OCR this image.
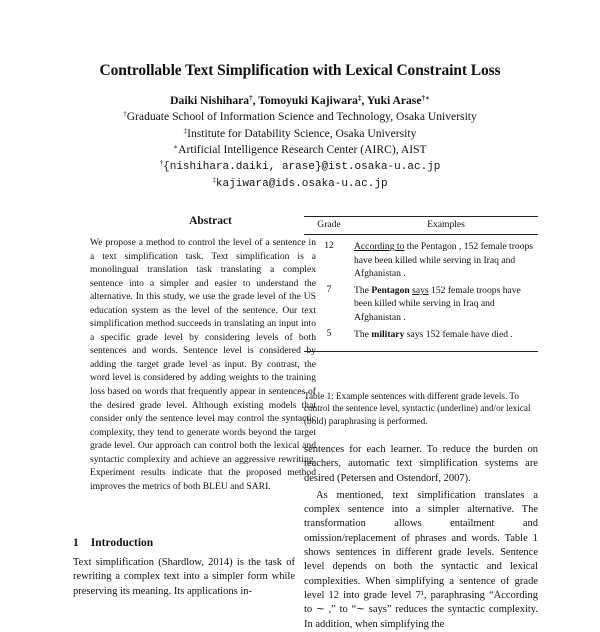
Controllable Text Simplification with Lexical Constraint Loss
Daiki Nishihara†, Tomoyuki Kajiwara‡, Yuki Arase†∗
†Graduate School of Information Science and Technology, Osaka University
‡Institute for Datability Science, Osaka University
∗Artificial Intelligence Research Center (AIRC), AIST
†{nishihara.daiki, arase}@ist.osaka-u.ac.jp
‡kajiwara@ids.osaka-u.ac.jp
Abstract

We propose a method to control the level of a sentence in a text simplification task. Text simplification is a monolingual translation task translating a complex sentence into a simpler and easier to understand the alternative. In this study, we use the grade level of the US education system as the level of the sentence. Our text simplification method succeeds in translating an input into a specific grade level by considering levels of both sentences and words. Sentence level is considered by adding the target grade level as input. By contrast, the word level is considered by adding weights to the training loss based on words that frequently appear in sentences of the desired grade level. Although existing models that consider only the sentence level may control the syntactic complexity, they tend to generate words beyond the target grade level. Our approach can control both the lexical and syntactic complexity and achieve an aggressive rewriting. Experiment results indicate that the proposed method improves the metrics of both BLEU and SARI.

1 Introduction

Text simplification (Shardlow, 2014) is the task of rewriting a complex text into a simpler form while preserving its meaning. Its applications in-

Grade	Examples
12	According to the Pentagon , 152 female troops have been killed while serving in Iraq and Afghanistan .
7	The Pentagon says 152 female troops have been killed while serving in Iraq and Afghanistan .
5	The military says 152 female have died .
Table 1: Example sentences with different grade levels. To control the sentence level, syntactic (underline) and/or lexical (bold) paraphrasing is performed.

sentences for each learner. To reduce the burden on teachers, automatic text simplification systems are desired (Petersen and Ostendorf, 2007).

As mentioned, text simplification translates a complex sentence into a simpler alternative. The transformation allows entailment and omission/replacement of phrases and words. Table 1 shows sentences in different grade levels. Sentence level depends on both the syntactic and lexical complexities. When simplifying a sentence of grade level 12 into grade level 7¹, paraphrasing “According to ∼ ,” to “∼ says” reduces the syntactic complexity. In addition, when simplifying the
